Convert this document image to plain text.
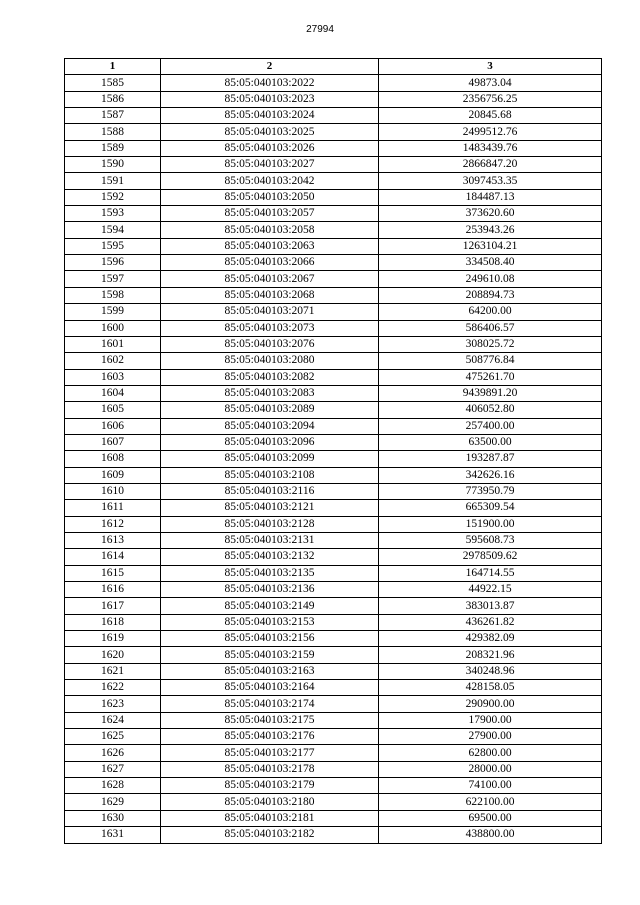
27994
1	2	3
1585	85:05:040103:2022	49873.04
1586	85:05:040103:2023	2356756.25
1587	85:05:040103:2024	20845.68
1588	85:05:040103:2025	2499512.76
1589	85:05:040103:2026	1483439.76
1590	85:05:040103:2027	2866847.20
1591	85:05:040103:2042	3097453.35
1592	85:05:040103:2050	184487.13
1593	85:05:040103:2057	373620.60
1594	85:05:040103:2058	253943.26
1595	85:05:040103:2063	1263104.21
1596	85:05:040103:2066	334508.40
1597	85:05:040103:2067	249610.08
1598	85:05:040103:2068	208894.73
1599	85:05:040103:2071	64200.00
1600	85:05:040103:2073	586406.57
1601	85:05:040103:2076	308025.72
1602	85:05:040103:2080	508776.84
1603	85:05:040103:2082	475261.70
1604	85:05:040103:2083	9439891.20
1605	85:05:040103:2089	406052.80
1606	85:05:040103:2094	257400.00
1607	85:05:040103:2096	63500.00
1608	85:05:040103:2099	193287.87
1609	85:05:040103:2108	342626.16
1610	85:05:040103:2116	773950.79
1611	85:05:040103:2121	665309.54
1612	85:05:040103:2128	151900.00
1613	85:05:040103:2131	595608.73
1614	85:05:040103:2132	2978509.62
1615	85:05:040103:2135	164714.55
1616	85:05:040103:2136	44922.15
1617	85:05:040103:2149	383013.87
1618	85:05:040103:2153	436261.82
1619	85:05:040103:2156	429382.09
1620	85:05:040103:2159	208321.96
1621	85:05:040103:2163	340248.96
1622	85:05:040103:2164	428158.05
1623	85:05:040103:2174	290900.00
1624	85:05:040103:2175	17900.00
1625	85:05:040103:2176	27900.00
1626	85:05:040103:2177	62800.00
1627	85:05:040103:2178	28000.00
1628	85:05:040103:2179	74100.00
1629	85:05:040103:2180	622100.00
1630	85:05:040103:2181	69500.00
1631	85:05:040103:2182	438800.00
